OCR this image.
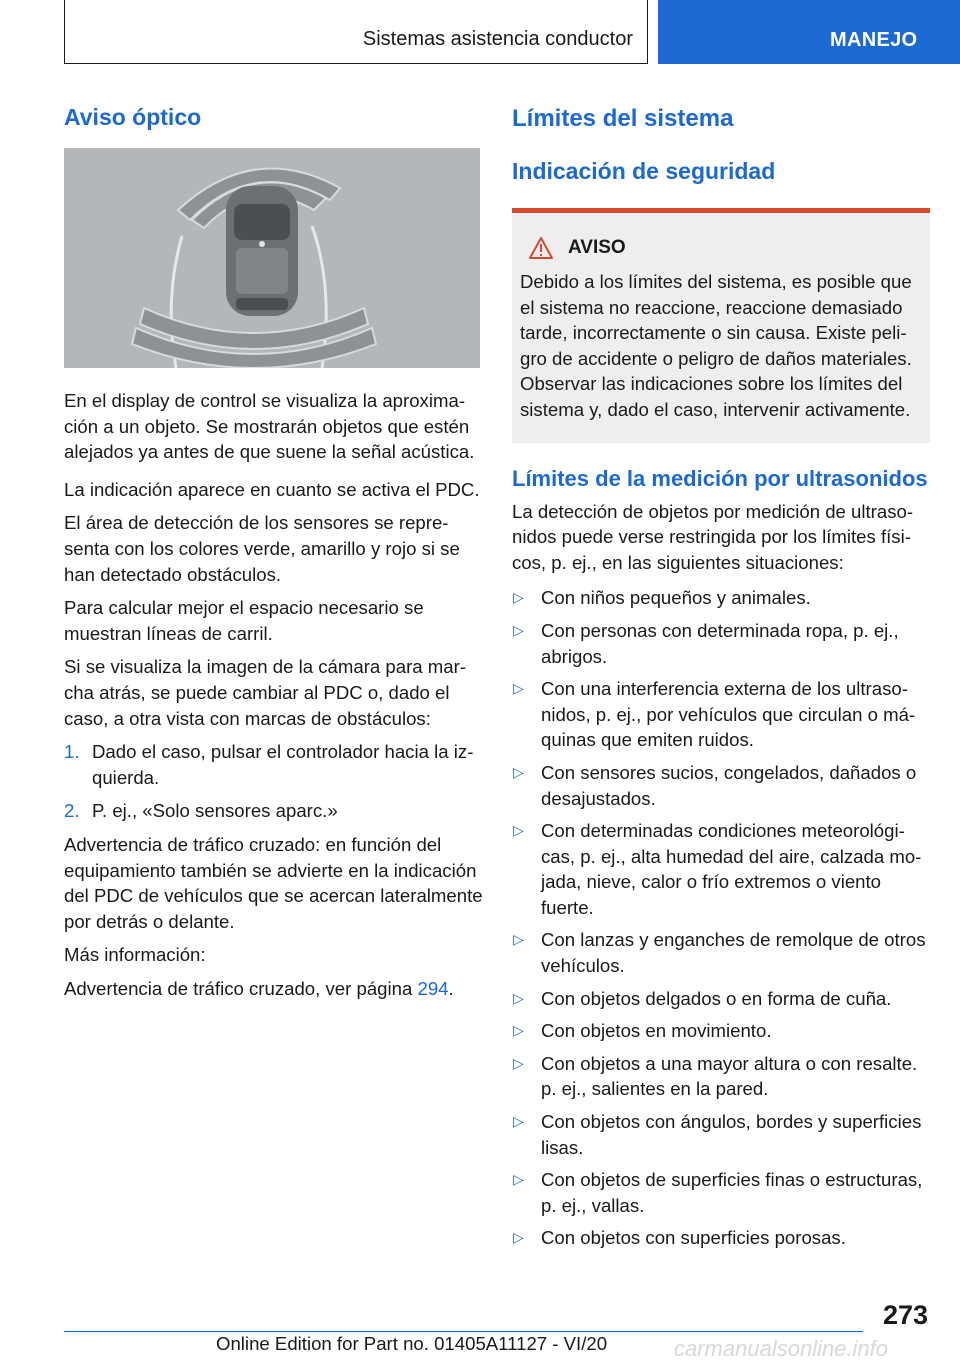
Sistemas asistencia conductor	MANEJO
Aviso óptico

En el display de control se visualiza la aproximación a un objeto. Se mostrarán objetos que estén alejados ya antes de que suene la señal acústica.

La indicación aparece en cuanto se activa el PDC.

El área de detección de los sensores se representa con los colores verde, amarillo y rojo si se han detectado obstáculos.

Para calcular mejor el espacio necesario se muestran líneas de carril.

Si se visualiza la imagen de la cámara para marcha atrás, se puede cambiar al PDC o, dado el caso, a otra vista con marcas de obstáculos:

1. Dado el caso, pulsar el controlador hacia la izquierda.
2. P. ej., «Solo sensores aparc.»

Advertencia de tráfico cruzado: en función del equipamiento también se advierte en la indicación del PDC de vehículos que se acercan lateralmente por detrás o delante.

Más información:

Advertencia de tráfico cruzado, ver página 294.

Límites del sistema
Indicación de seguridad
AVISO

Debido a los límites del sistema, es posible que el sistema no reaccione, reaccione demasiado tarde, incorrectamente o sin causa. Existe peligro de accidente o peligro de daños materiales. Observar las indicaciones sobre los límites del sistema y, dado el caso, intervenir activamente.

Límites de la medición por ultrasonidos

La detección de objetos por medición de ultrasonidos puede verse restringida por los límites físicos, p. ej., en las siguientes situaciones:

▷ Con niños pequeños y animales.
▷ Con personas con determinada ropa, p. ej., abrigos.
▷ Con una interferencia externa de los ultrasonidos, p. ej., por vehículos que circulan o máquinas que emiten ruidos.
▷ Con sensores sucios, congelados, dañados o desajustados.
▷ Con determinadas condiciones meteorológicas, p. ej., alta humedad del aire, calzada mojada, nieve, calor o frío extremos o viento fuerte.
▷ Con lanzas y enganches de remolque de otros vehículos.
▷ Con objetos delgados o en forma de cuña.
▷ Con objetos en movimiento.
▷ Con objetos a una mayor altura o con resalte. p. ej., salientes en la pared.
▷ Con objetos con ángulos, bordes y superficies lisas.
▷ Con objetos de superficies finas o estructuras, p. ej., vallas.
▷ Con objetos con superficies porosas.
273
Online Edition for Part no. 01405A11127 - VI/20	carmanualsonline.info
